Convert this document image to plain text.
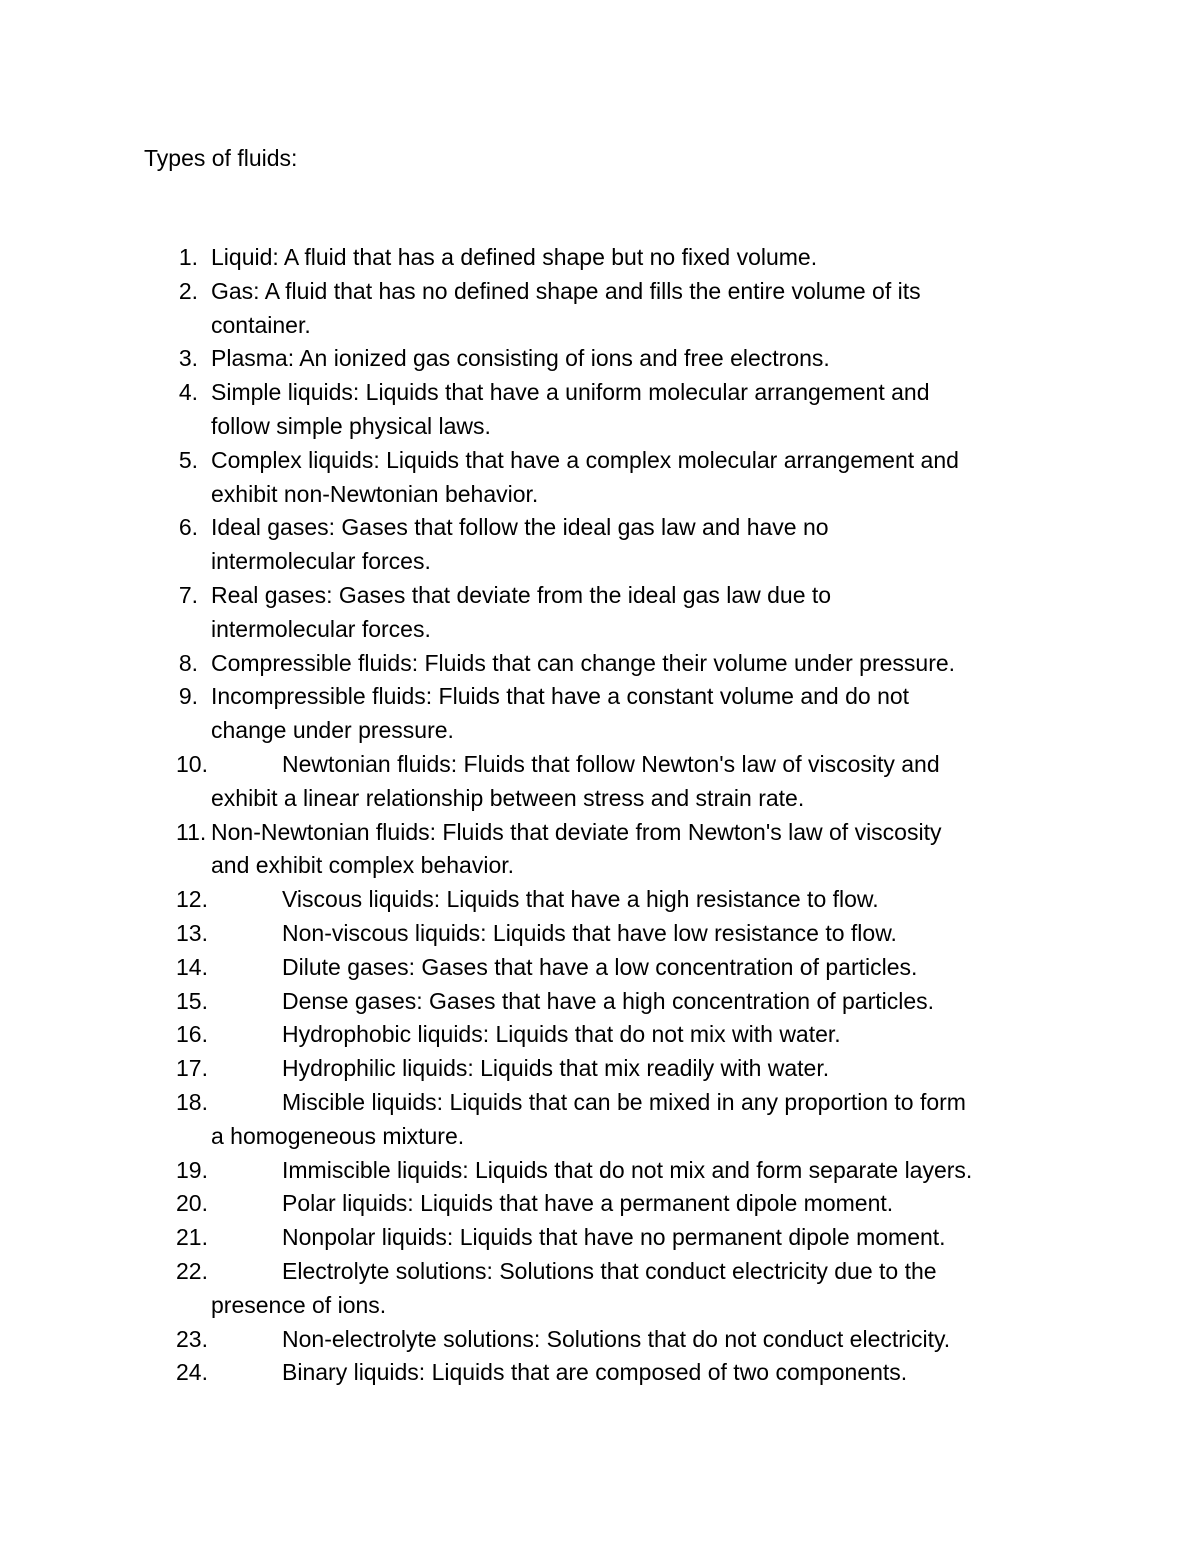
Types of fluids:
1. Liquid: A fluid that has a defined shape but no fixed volume.
2. Gas: A fluid that has no defined shape and fills the entire volume of its
container.
3. Plasma: An ionized gas consisting of ions and free electrons.
4. Simple liquids: Liquids that have a uniform molecular arrangement and
follow simple physical laws.
5. Complex liquids: Liquids that have a complex molecular arrangement and
exhibit non-Newtonian behavior.
6. Ideal gases: Gases that follow the ideal gas law and have no
intermolecular forces.
7. Real gases: Gases that deviate from the ideal gas law due to
intermolecular forces.
8. Compressible fluids: Fluids that can change their volume under pressure.
9. Incompressible fluids: Fluids that have a constant volume and do not
change under pressure.
10.	Newtonian fluids: Fluids that follow Newton's law of viscosity and
exhibit a linear relationship between stress and strain rate.
11. Non-Newtonian fluids: Fluids that deviate from Newton's law of viscosity
and exhibit complex behavior.
12.	Viscous liquids: Liquids that have a high resistance to flow.
13.	Non-viscous liquids: Liquids that have low resistance to flow.
14.	Dilute gases: Gases that have a low concentration of particles.
15.	Dense gases: Gases that have a high concentration of particles.
16.	Hydrophobic liquids: Liquids that do not mix with water.
17.	Hydrophilic liquids: Liquids that mix readily with water.
18.	Miscible liquids: Liquids that can be mixed in any proportion to form
a homogeneous mixture.
19.	Immiscible liquids: Liquids that do not mix and form separate layers.
20.	Polar liquids: Liquids that have a permanent dipole moment.
21.	Nonpolar liquids: Liquids that have no permanent dipole moment.
22.	Electrolyte solutions: Solutions that conduct electricity due to the
presence of ions.
23.	Non-electrolyte solutions: Solutions that do not conduct electricity.
24.	Binary liquids: Liquids that are composed of two components.
